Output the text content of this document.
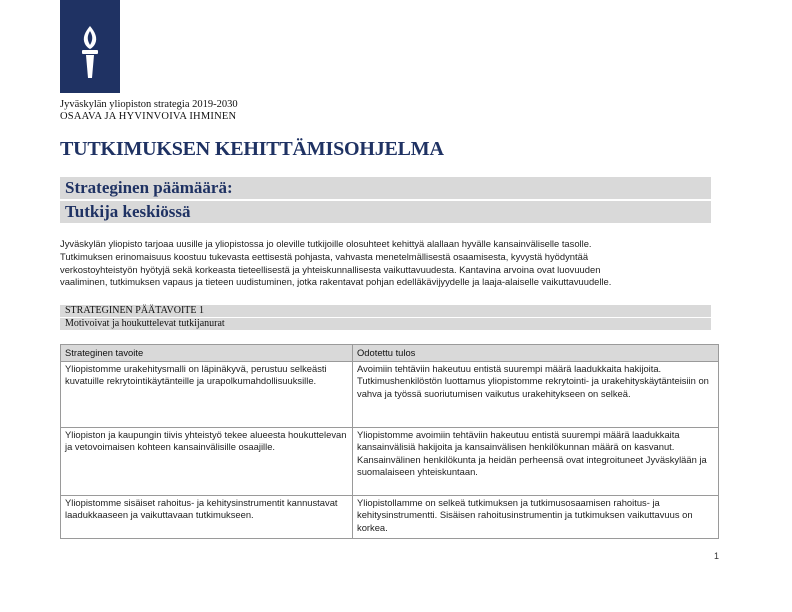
Jyväskylän yliopiston strategia 2019-2030
OSAAVA JA HYVINVOIVA IHMINEN
TUTKIMUKSEN KEHITTÄMISOHJELMA
Strateginen päämäärä:
Tutkija keskiössä

Jyväskylän yliopisto tarjoaa uusille ja yliopistossa jo oleville tutkijoille olosuhteet kehittyä alallaan hyvälle kansainväliselle tasolle.

Tutkimuksen erinomaisuus koostuu tukevasta eettisestä pohjasta, vahvasta menetelmällisestä osaamisesta, kyvystä hyödyntää

verkostoyhteistyön hyötyjä sekä korkeasta tieteellisestä ja yhteiskunnallisesta vaikuttavuudesta. Kantavina arvoina ovat luovuuden

vaaliminen, tutkimuksen vapaus ja tieteen uudistuminen, jotka rakentavat pohjan edelläkävijyydelle ja laaja-alaiselle vaikuttavuudelle.

STRATEGINEN PÄÄTAVOITE 1
Motivoivat ja houkuttelevat tutkijanurat
Strateginen tavoite	Odotettu tulos
Yliopistomme urakehitysmalli on läpinäkyvä, perustuu selkeästi kuvatuille rekrytointikäytänteille ja urapolkumahdollisuuksille.	Avoimiin tehtäviin hakeutuu entistä suurempi määrä laadukkaita hakijoita. Tutkimushenkilöstön luottamus yliopistomme rekrytointi- ja urakehityskäytänteisiin on vahva ja työssä suoriutumisen vaikutus urakehitykseen on selkeä.
Yliopiston ja kaupungin tiivis yhteistyö tekee alueesta houkuttelevan ja vetovoimaisen kohteen kansainvälisille osaajille.	Yliopistomme avoimiin tehtäviin hakeutuu entistä suurempi määrä laadukkaita kansainvälisiä hakijoita ja kansainvälisen henkilökunnan määrä on kasvanut. Kansainvälinen henkilökunta ja heidän perheensä ovat integroituneet Jyväskylään ja suomalaiseen yhteiskuntaan.
Yliopistomme sisäiset rahoitus- ja kehitysinstrumentit kannustavat laadukkaaseen ja vaikuttavaan tutkimukseen.	Yliopistollamme on selkeä tutkimuksen ja tutkimusosaamisen rahoitus- ja kehitysinstrumentti. Sisäisen rahoitusinstrumentin ja tutkimuksen vaikuttavuus on korkea.
1
